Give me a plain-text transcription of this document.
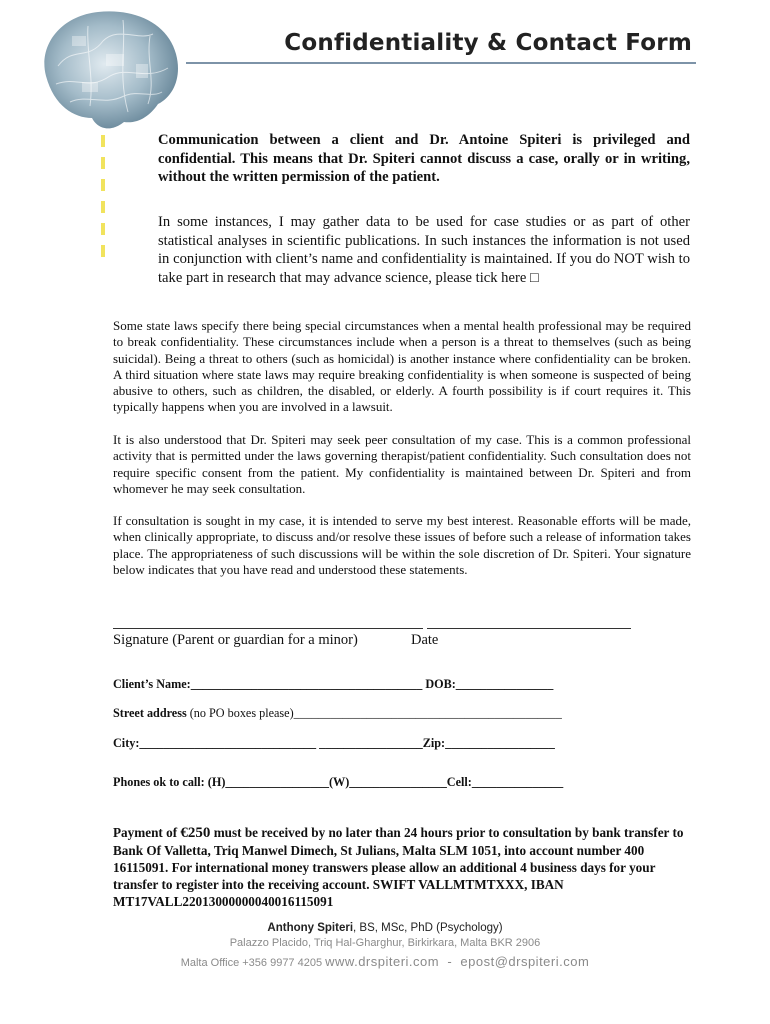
Confidentiality & Contact Form
Communication between a client and Dr. Antoine Spiteri is privileged and confidential. This means that Dr. Spiteri cannot discuss a case, orally or in writing, without the written permission of the patient.
In some instances, I may gather data to be used for case studies or as part of other statistical analyses in scientific publications. In such instances the information is not used in conjunction with client’s name and confidentiality is maintained. If you do NOT wish to take part in research that may advance science, please tick here □
Some state laws specify there being special circumstances when a mental health professional may be required to break confidentiality. These circumstances include when a person is a threat to themselves (such as being suicidal). Being a threat to others (such as homicidal) is another instance where confidentiality can be broken. A third situation where state laws may require breaking confidentiality is when someone is suspected of being abusive to others, such as children, the disabled, or elderly. A fourth possibility is if court requires it. This typically happens when you are involved in a lawsuit.
It is also understood that Dr. Spiteri may seek peer consultation of my case. This is a common professional activity that is permitted under the laws governing therapist/patient confidentiality. Such consultation does not require specific consent from the patient. My confidentiality is maintained between Dr. Spiteri and from whomever he may seek consultation.
If consultation is sought in my case, it is intended to serve my best interest. Reasonable efforts will be made, when clinically appropriate, to discuss and/or resolve these issues of before such a release of information takes place. The appropriateness of such discussions will be within the sole discretion of Dr. Spiteri. Your signature below indicates that you have read and understood these statements.
Signature (Parent or guardian for a minor)	Date
Client’s Name:______________________________________ DOB:________________
Street address (no PO boxes please)____________________________________________
City:_____________________________ _________________Zip:__________________
Phones ok to call: (H)_________________(W)________________Cell:_______________
Payment of €250 must be received by no later than 24 hours prior to consultation by bank transfer to Bank Of Valletta, Triq Manwel Dimech, St Julians, Malta SLM 1051, into account number 400 16115091. For international money transwers please allow an additional 4 business days for your transfer to register into the receiving account. SWIFT VALLMTMTXXX, IBAN MT17VALL22013000000040016115091
Anthony Spiteri, BS, MSc, PhD (Psychology)
Palazzo Placido, Triq Hal-Gharghur, Birkirkara, Malta BKR 2906
Malta Office +356 9977 4205 www.drspiteri.com  -  epost@drspiteri.com
